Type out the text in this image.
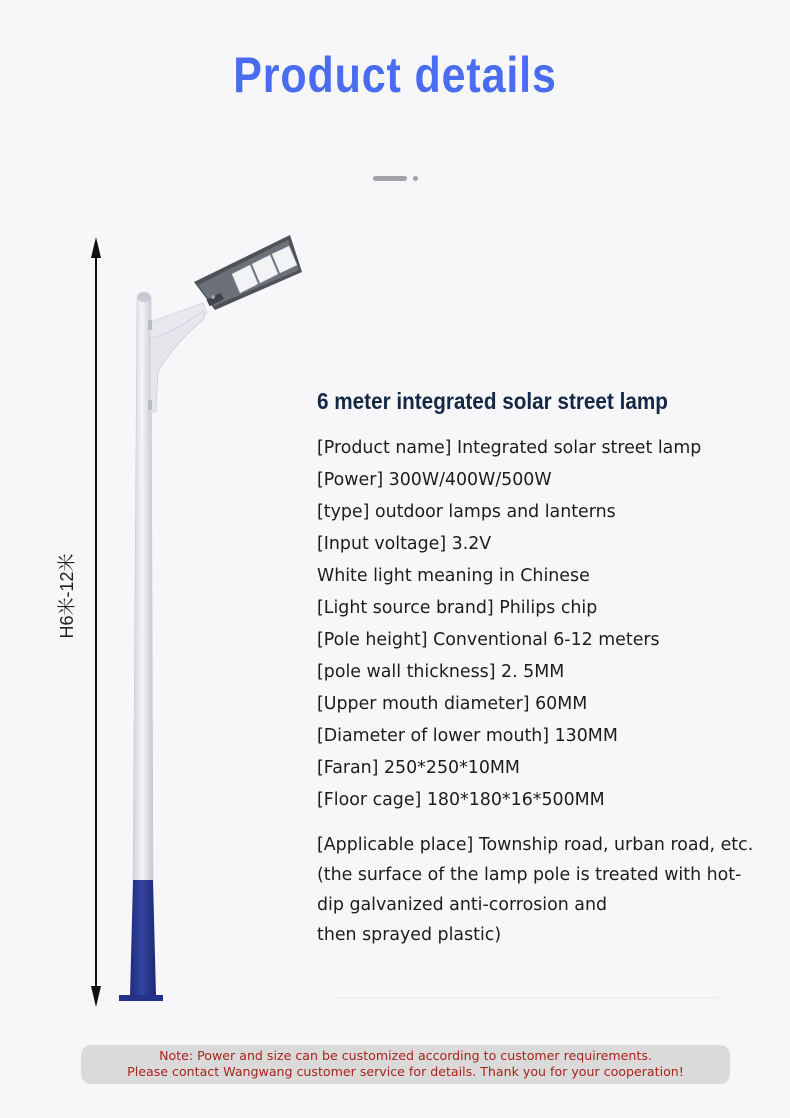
Product details
H6米-12米
6 meter integrated solar street lamp
[Product name] Integrated solar street lamp
[Power] 300W/400W/500W
[type] outdoor lamps and lanterns
[Input voltage] 3.2V
White light meaning in Chinese
[Light source brand] Philips chip
[Pole height] Conventional 6-12 meters
[pole wall thickness] 2. 5MM
[Upper mouth diameter] 60MM
[Diameter of lower mouth] 130MM
[Faran] 250*250*10MM
[Floor cage] 180*180*16*500MM
[Applicable place] Township road, urban road, etc.
(the surface of the lamp pole is treated with hot-
dip galvanized anti-corrosion and
then sprayed plastic)
Note: Power and size can be customized according to customer requirements.
Please contact Wangwang customer service for details. Thank you for your cooperation!
